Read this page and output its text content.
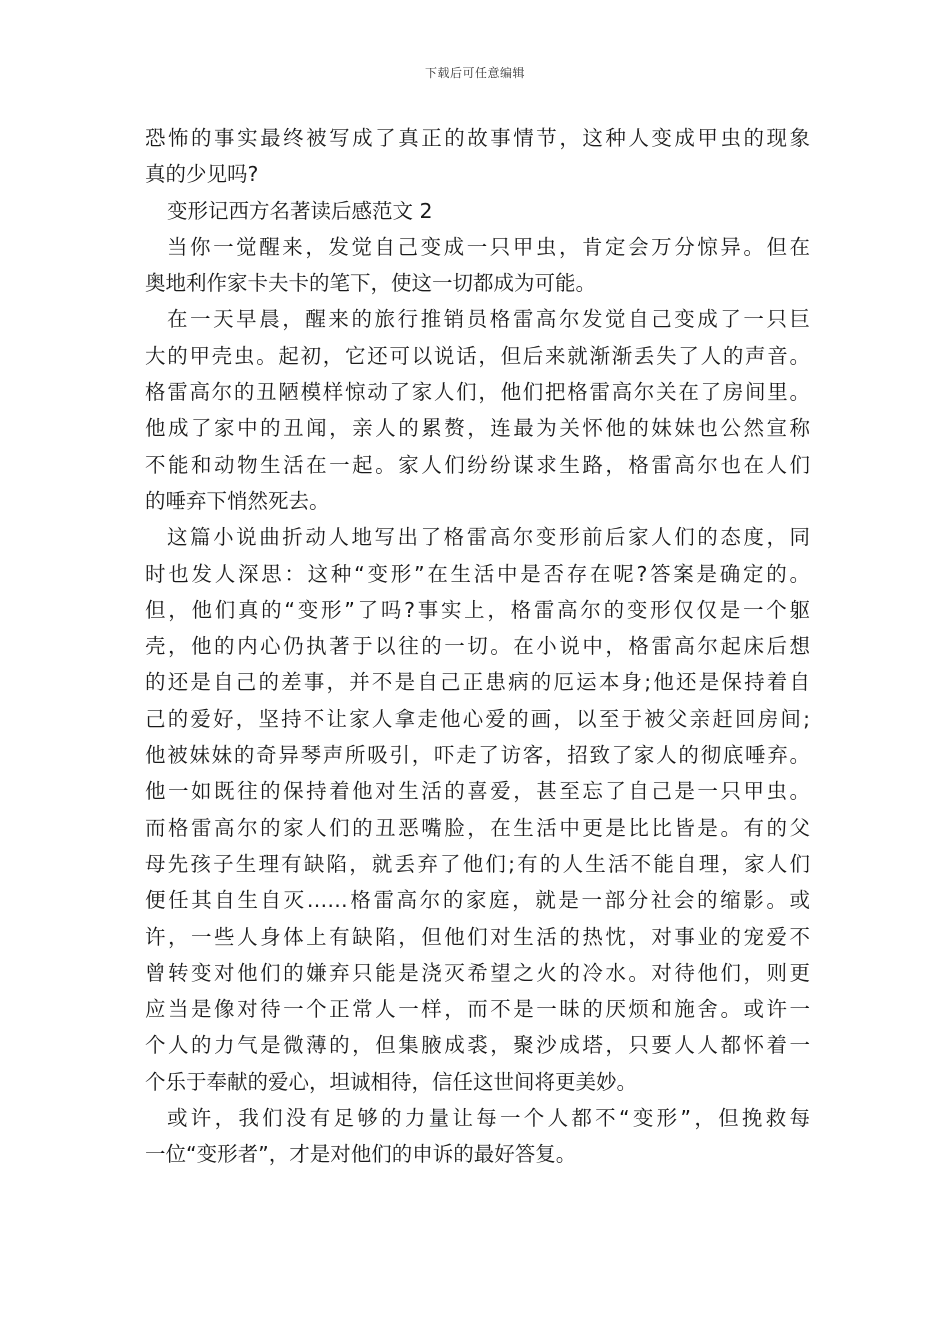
下载后可任意编辑
恐怖的事实最终被写成了真正的故事情节，这种人变成甲虫的现象
真的少见吗?
变形记西方名著读后感范文 2
当你一觉醒来，发觉自己变成一只甲虫，肯定会万分惊异。但在
奥地利作家卡夫卡的笔下，使这一切都成为可能。
在一天早晨，醒来的旅行推销员格雷高尔发觉自己变成了一只巨
大的甲壳虫。起初，它还可以说话，但后来就渐渐丢失了人的声音。
格雷高尔的丑陋模样惊动了家人们，他们把格雷高尔关在了房间里。
他成了家中的丑闻，亲人的累赘，连最为关怀他的妹妹也公然宣称
不能和动物生活在一起。家人们纷纷谋求生路，格雷高尔也在人们
的唾弃下悄然死去。
这篇小说曲折动人地写出了格雷高尔变形前后家人们的态度，同
时也发人深思：这种“变形”在生活中是否存在呢?答案是确定的。
但，他们真的“变形”了吗?事实上，格雷高尔的变形仅仅是一个躯
壳，他的内心仍执著于以往的一切。在小说中，格雷高尔起床后想
的还是自己的差事，并不是自己正患病的厄运本身;他还是保持着自
己的爱好，坚持不让家人拿走他心爱的画，以至于被父亲赶回房间;
他被妹妹的奇异琴声所吸引，吓走了访客，招致了家人的彻底唾弃。
他一如既往的保持着他对生活的喜爱，甚至忘了自己是一只甲虫。
而格雷高尔的家人们的丑恶嘴脸，在生活中更是比比皆是。有的父
母先孩子生理有缺陷，就丢弃了他们;有的人生活不能自理，家人们
便任其自生自灭……格雷高尔的家庭，就是一部分社会的缩影。或
许，一些人身体上有缺陷，但他们对生活的热忱，对事业的宠爱不
曾转变对他们的嫌弃只能是浇灭希望之火的冷水。对待他们，则更
应当是像对待一个正常人一样，而不是一昧的厌烦和施舍。或许一
个人的力气是微薄的，但集腋成裘，聚沙成塔，只要人人都怀着一
个乐于奉献的爱心，坦诚相待，信任这世间将更美妙。
或许，我们没有足够的力量让每一个人都不“变形”，但挽救每
一位“变形者”，才是对他们的申诉的最好答复。
